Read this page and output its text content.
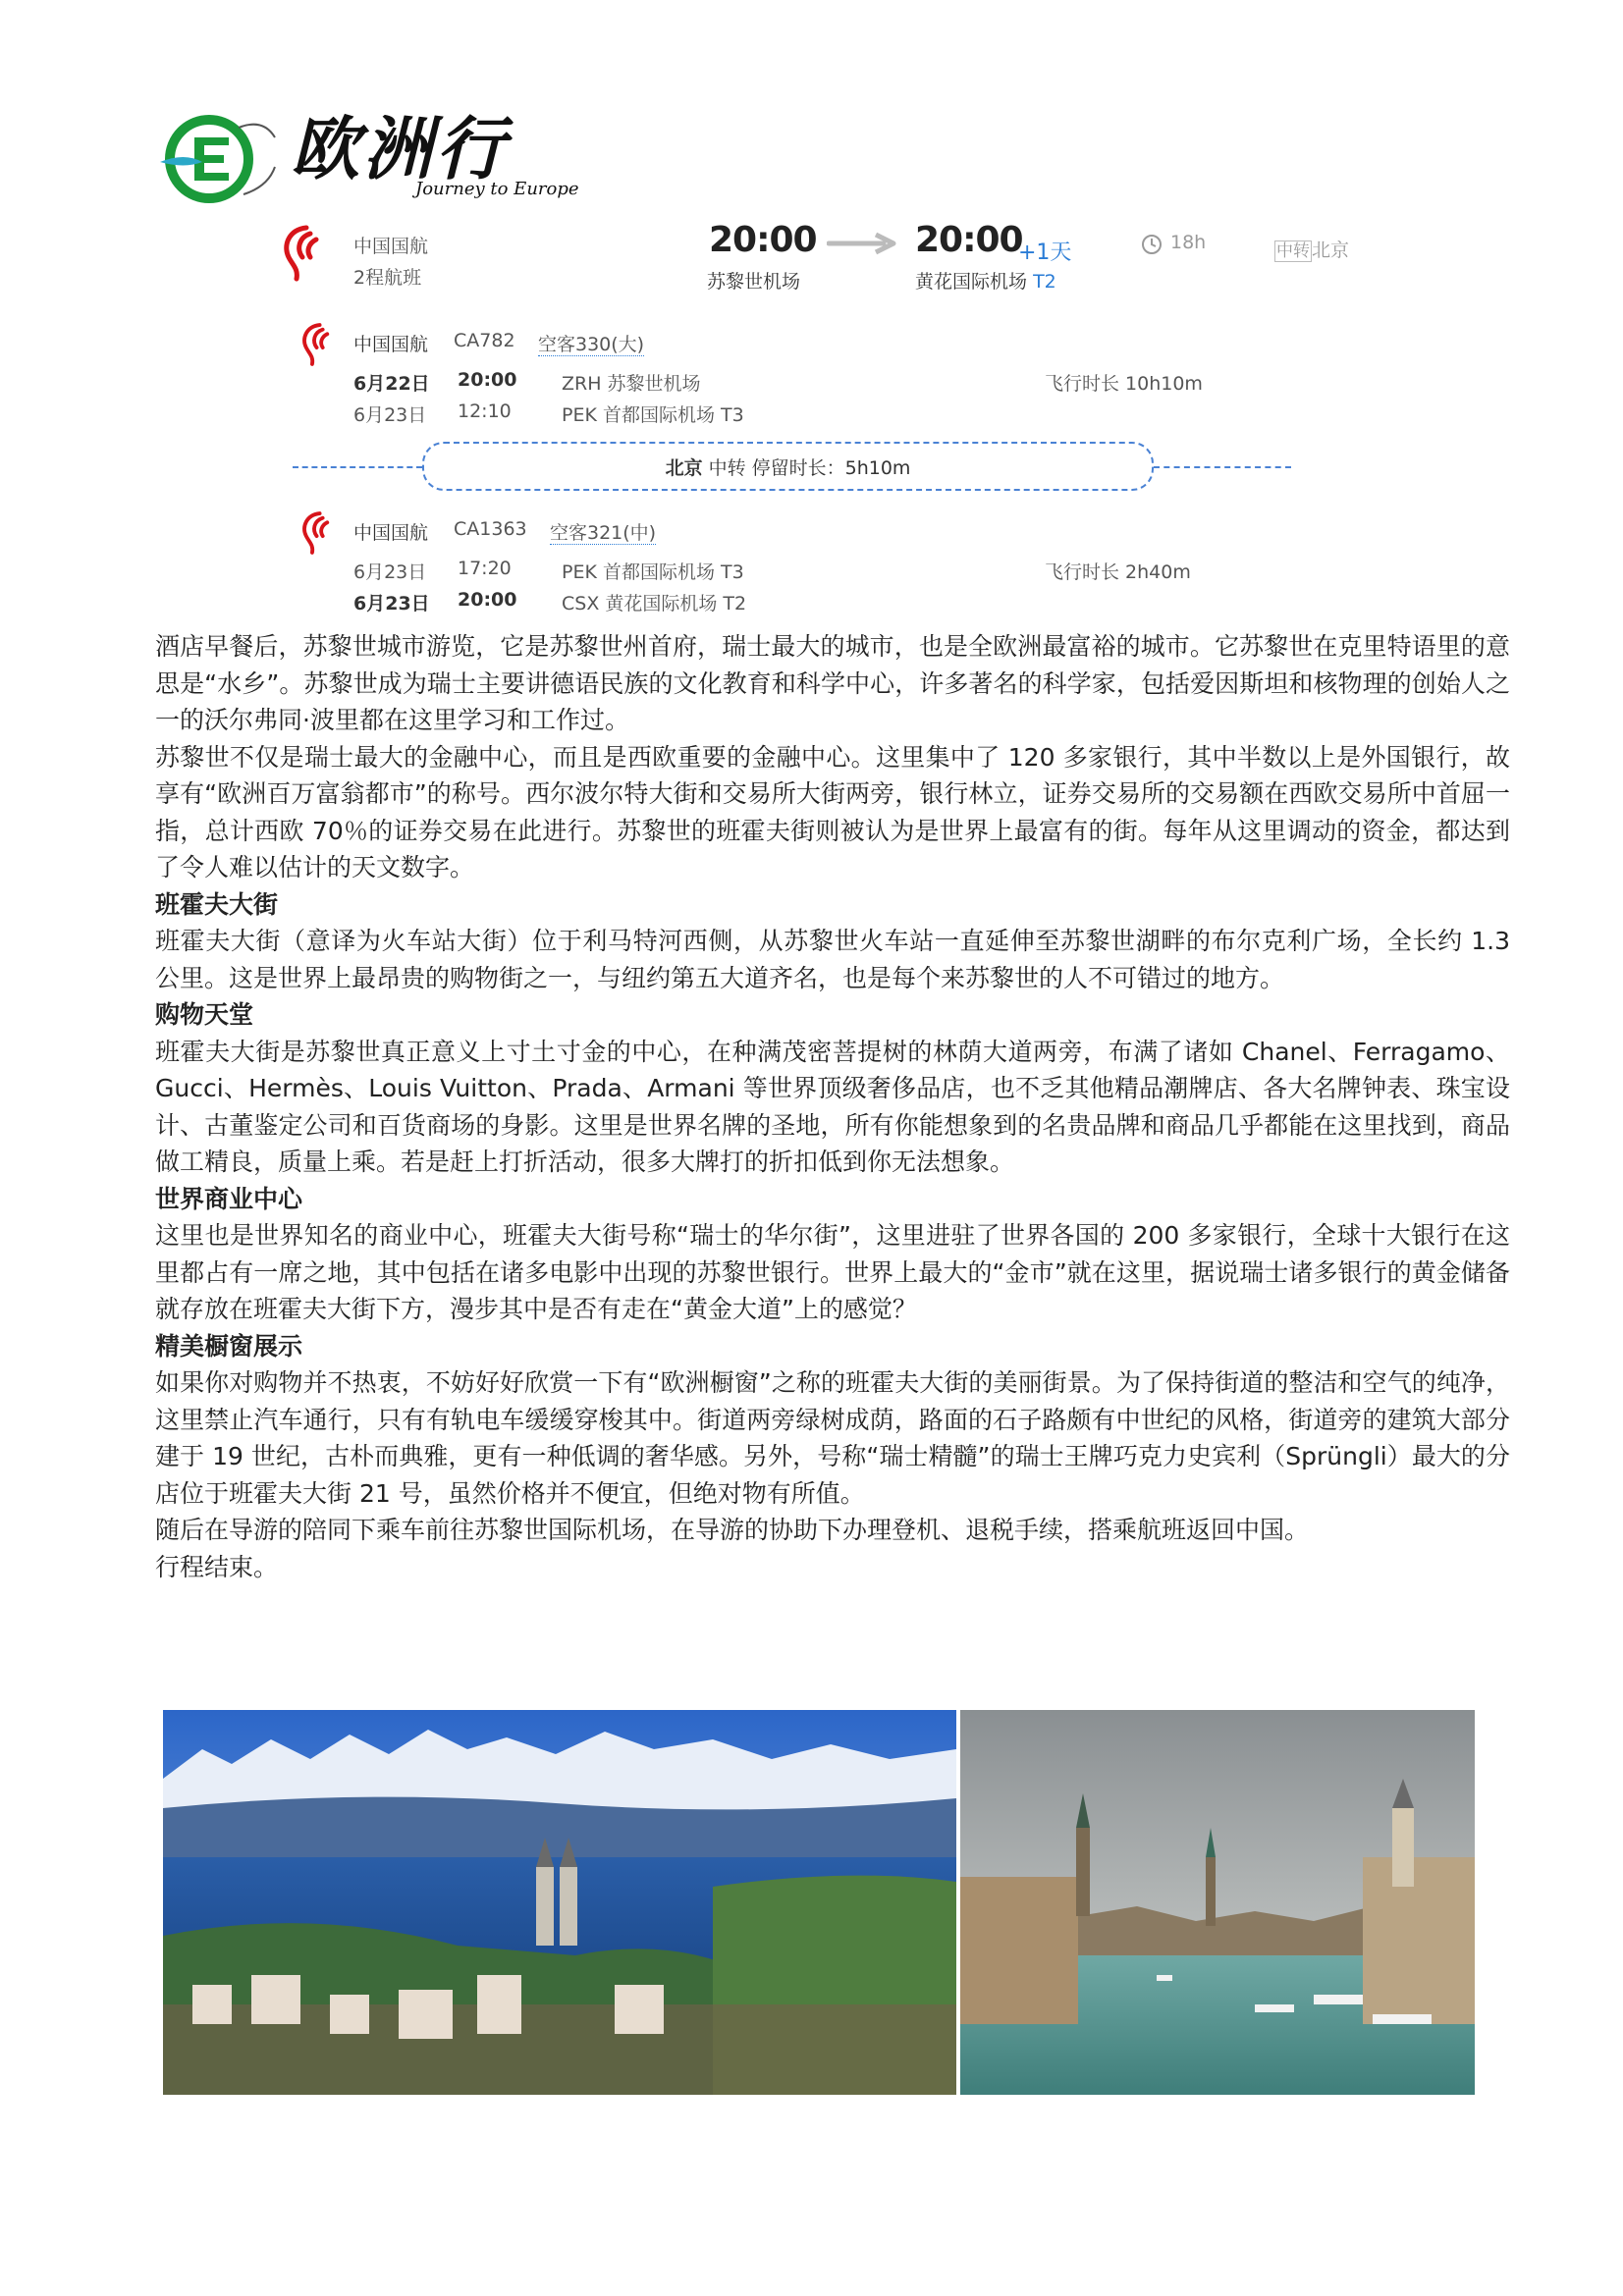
欧洲行
Journey to Europe
中国国航
2程航班
20:00
苏黎世机场
20:00
+1天
黄花国际机场 T2
18h	中转 北京
中国国航 CA782 空客330(大)
6月22日 20:00 ZRH 苏黎世机场	飞行时长 10h10m
6月23日 12:10	PEK 首都国际机场 T3
北京 中转 停留时长：5h10m
中国国航 CA1363 空客321(中)
6月23日 17:20	PEK 首都国际机场 T3	飞行时长 2h40m
6月23日 20:00 CSX 黄花国际机场 T2

酒店早餐后，苏黎世城市游览，它是苏黎世州首府，瑞士最大的城市，也是全欧洲最富裕的城市。它苏黎世在克里特语里的意思是“水乡”。苏黎世成为瑞士主要讲德语民族的文化教育和科学中心，许多著名的科学家，包括爱因斯坦和核物理的创始人之一的沃尔弗同·波里都在这里学习和工作过。

苏黎世不仅是瑞士最大的金融中心，而且是西欧重要的金融中心。这里集中了 120 多家银行，其中半数以上是外国银行，故享有“欧洲百万富翁都市”的称号。西尔波尔特大街和交易所大街两旁，银行林立，证券交易所的交易额在西欧交易所中首屈一指，总计西欧 70％的证券交易在此进行。苏黎世的班霍夫街则被认为是世界上最富有的街。每年从这里调动的资金，都达到了令人难以估计的天文数字。

班霍夫大街

班霍夫大街（意译为火车站大街）位于利马特河西侧，从苏黎世火车站一直延伸至苏黎世湖畔的布尔克利广场，全长约 1.3 公里。这是世界上最昂贵的购物街之一，与纽约第五大道齐名，也是每个来苏黎世的人不可错过的地方。

购物天堂

班霍夫大街是苏黎世真正意义上寸土寸金的中心，在种满茂密菩提树的林荫大道两旁，布满了诸如 Chanel、Ferragamo、Gucci、Hermès、Louis Vuitton、Prada、Armani 等世界顶级奢侈品店，也不乏其他精品潮牌店、各大名牌钟表、珠宝设计、古董鉴定公司和百货商场的身影。这里是世界名牌的圣地，所有你能想象到的名贵品牌和商品几乎都能在这里找到，商品做工精良，质量上乘。若是赶上打折活动，很多大牌打的折扣低到你无法想象。

世界商业中心

这里也是世界知名的商业中心，班霍夫大街号称“瑞士的华尔街”，这里进驻了世界各国的 200 多家银行，全球十大银行在这里都占有一席之地，其中包括在诸多电影中出现的苏黎世银行。世界上最大的“金市”就在这里，据说瑞士诸多银行的黄金储备就存放在班霍夫大街下方，漫步其中是否有走在“黄金大道”上的感觉？

精美橱窗展示

如果你对购物并不热衷，不妨好好欣赏一下有“欧洲橱窗”之称的班霍夫大街的美丽街景。为了保持街道的整洁和空气的纯净，这里禁止汽车通行，只有有轨电车缓缓穿梭其中。街道两旁绿树成荫，路面的石子路颇有中世纪的风格，街道旁的建筑大部分建于 19 世纪，古朴而典雅，更有一种低调的奢华感。另外，号称“瑞士精髓”的瑞士王牌巧克力史宾利（Sprüngli）最大的分店位于班霍夫大街 21 号，虽然价格并不便宜，但绝对物有所值。

随后在导游的陪同下乘车前往苏黎世国际机场，在导游的协助下办理登机、退税手续，搭乘航班返回中国。

行程结束。
